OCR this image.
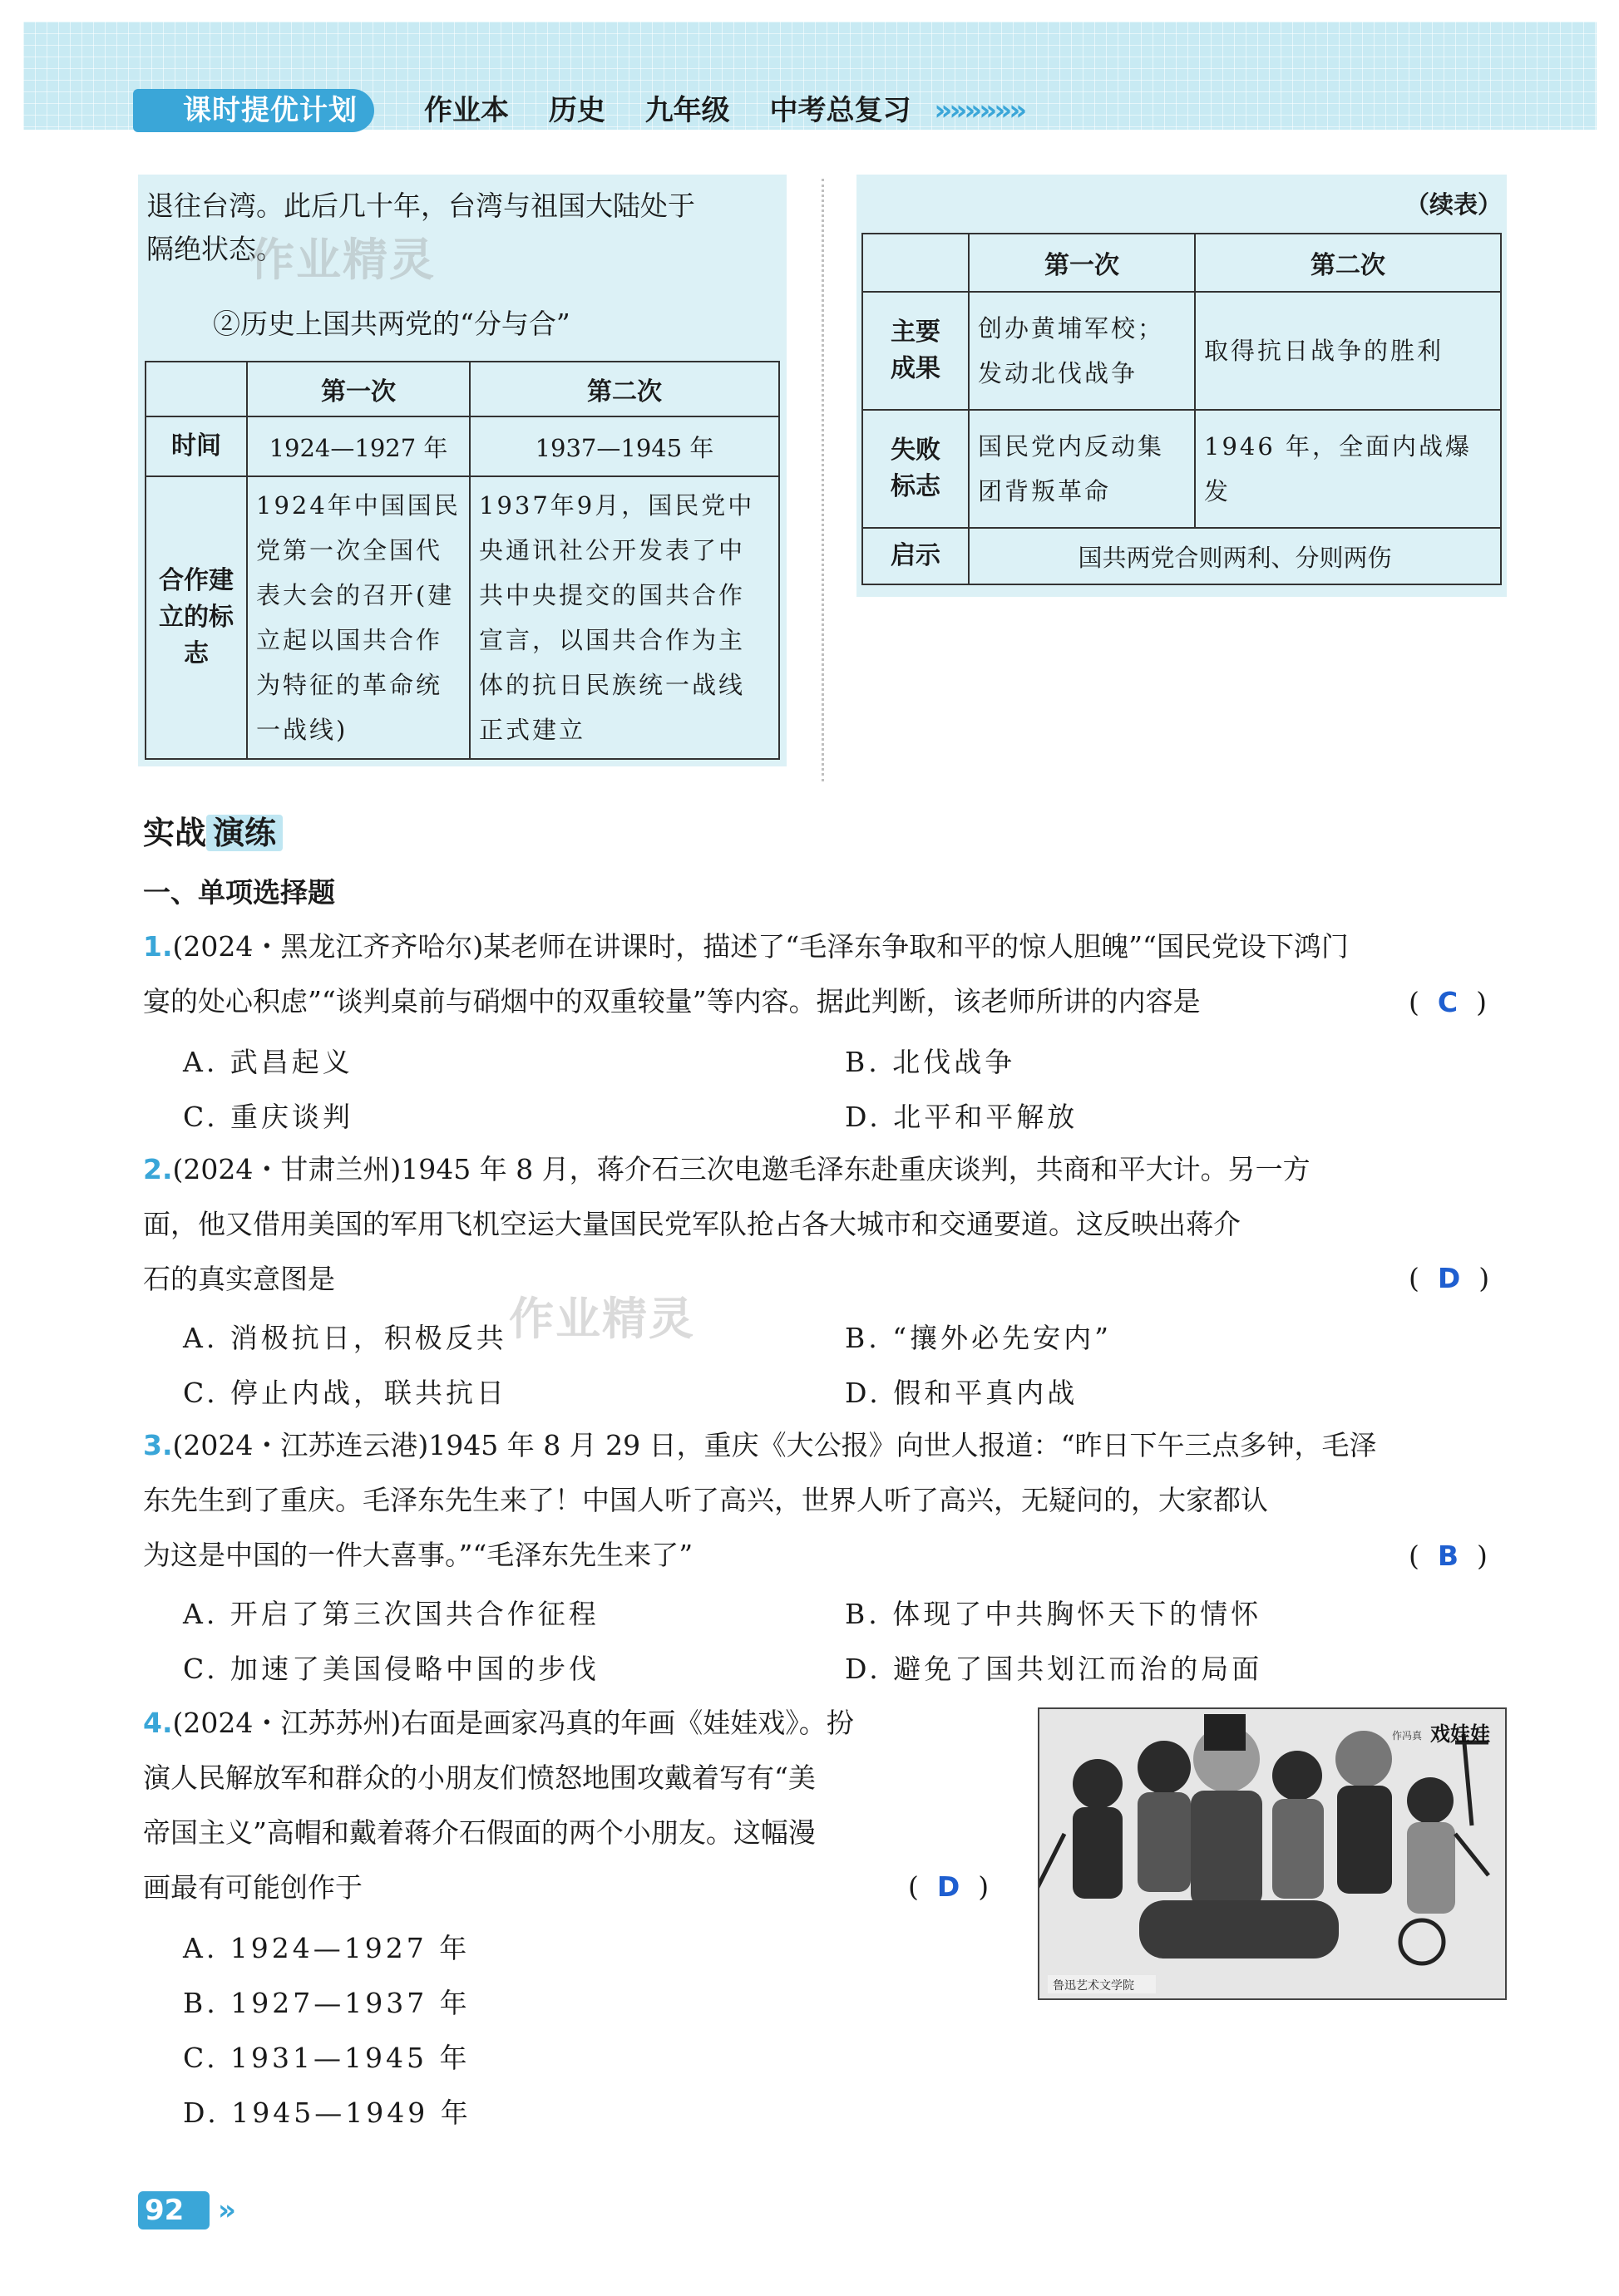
课时提优计划	作业本 历史 九年级 中考总复习 »»»»»»
退往台湾。此后几十年，台湾与祖国大陆处于
隔绝状态。
作业精灵
②历史上国共两党的“分与合”
	第一次	第二次
时间	1924—1927 年	1937—1945 年

合作建立的标志	1924年中国国民党第一次全国代表大会的召开(建立起以国共合作为特征的革命统一战线)	1937年9月，国民党中央通讯社公开发表了中共中央提交的国共合作宣言，以国共合作为主体的抗日民族统一战线正式建立
（续表）
	第一次	第二次

主要成果	创办黄埔军校；发动北伐战争	取得抗日战争的胜利

失败标志	国民党内反动集团背叛革命	1946 年，全面内战爆发
启示	国共两党合则两利、分则两伤	
实战 演练
一、单项选择题
1.(2024・黑龙江齐齐哈尔)某老师在讲课时，描述了“毛泽东争取和平的惊人胆魄”“国民党设下鸿门
宴的处心积虑”“谈判桌前与硝烟中的双重较量”等内容。据此判断，该老师所讲的内容是	( C )
A. 武昌起义	B. 北伐战争
C. 重庆谈判	D. 北平和平解放
2.(2024・甘肃兰州)1945 年 8 月，蒋介石三次电邀毛泽东赴重庆谈判，共商和平大计。另一方
面，他又借用美国的军用飞机空运大量国民党军队抢占各大城市和交通要道。这反映出蒋介
石的真实意图是	( D )
作业精灵
A. 消极抗日，积极反共	B. “攘外必先安内”
C. 停止内战，联共抗日	D. 假和平真内战
3.(2024・江苏连云港)1945 年 8 月 29 日，重庆《大公报》向世人报道：“昨日下午三点多钟，毛泽
东先生到了重庆。毛泽东先生来了！中国人听了高兴，世界人听了高兴，无疑问的，大家都认
为这是中国的一件大喜事。”“毛泽东先生来了”	( B )
A. 开启了第三次国共合作征程	B. 体现了中共胸怀天下的情怀
C. 加速了美国侵略中国的步伐	D. 避免了国共划江而治的局面
4.(2024・江苏苏州)右面是画家冯真的年画《娃娃戏》。扮
演人民解放军和群众的小朋友们愤怒地围攻戴着写有“美
帝国主义”高帽和戴着蒋介石假面的两个小朋友。这幅漫
画最有可能创作于	( D )
A. 1924—1927 年
B. 1927—1937 年
C. 1931—1945 年
D. 1945—1949 年
戏娃娃
作冯真
鲁迅艺术文学院
92 »
